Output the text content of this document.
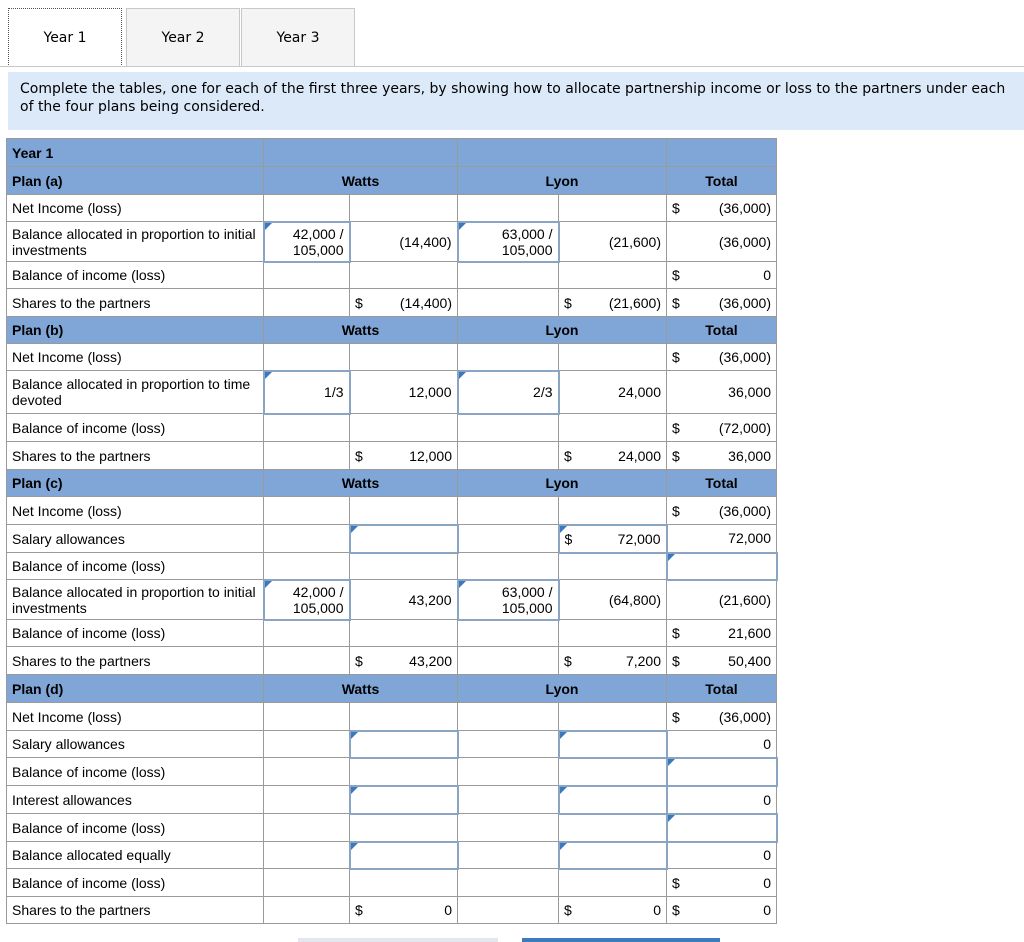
Year 1	Year 2	Year 3
Complete the tables, one for each of the first three years, by showing how to allocate partnership income or loss to the partners under each of the four plans being considered.
Year 1					
Plan (a)	Watts		Lyon		Total
Net Income (loss)					$ (36,000)

Balance allocated in proportion to initial investments	42,000 / 105,000	(14,400)	63,000 / 105,000	(21,600)	(36,000)
Balance of income (loss)					$ 0

Shares to the partners		$ (14,400)		$ (21,600)	$ (36,000)

Plan (b)	Watts		Lyon		Total
Net Income (loss)					$ (36,000)

Balance allocated in proportion to time devoted	1/3	12,000	2/3	24,000	36,000
Balance of income (loss)					$ (72,000)

Shares to the partners		$ 12,000		$ 24,000	$ 36,000

Plan (c)	Watts		Lyon		Total
Net Income (loss)					$ (36,000)

Salary allowances				$ 72,000	72,000
Balance of income (loss)					
Balance allocated in proportion to initial investments	42,000 / 105,000	43,200	63,000 / 105,000	(64,800)	(21,600)
Balance of income (loss)					$ 21,600

Shares to the partners		$ 43,200		$ 7,200	$ 50,400

Plan (d)	Watts		Lyon		Total
Net Income (loss)					$ (36,000)

Salary allowances					0
Balance of income (loss)					
Interest allowances					0
Balance of income (loss)					
Balance allocated equally					0
Balance of income (loss)					$ 0

Shares to the partners		$ 0		$ 0	$ 0
